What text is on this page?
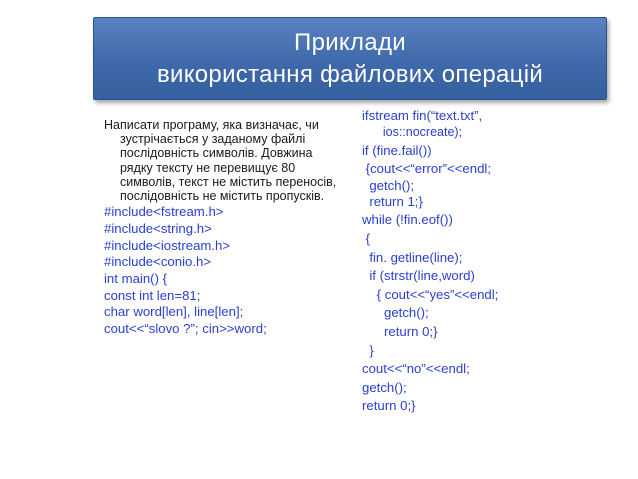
Приклади
використання файлових операцій
Написати програму, яка визначає, чи зустрічається у заданому файлі послідовність символів. Довжина рядку тексту не перевищує 80 символів, текст не містить переносів, послідовність не містить пропусків.
#include<fstream.h>
#include<string.h>
#include<iostream.h>
#include<conio.h>
int main() {
const int len=81;
char word[len], line[len];
cout<<“slovo ?”; cin>>word;
ifstream fin(“text.txt”,
ios::nocreate);
if (fine.fail())
{cout<<“error”<<endl;
getch();
return 1;}
while (!fin.eof())
{
fin. getline(line);
if (strstr(line,word)
{ cout<<“yes”<<endl;
getch();
return 0;}
}
cout<<“no”<<endl;
getch();
return 0;}
